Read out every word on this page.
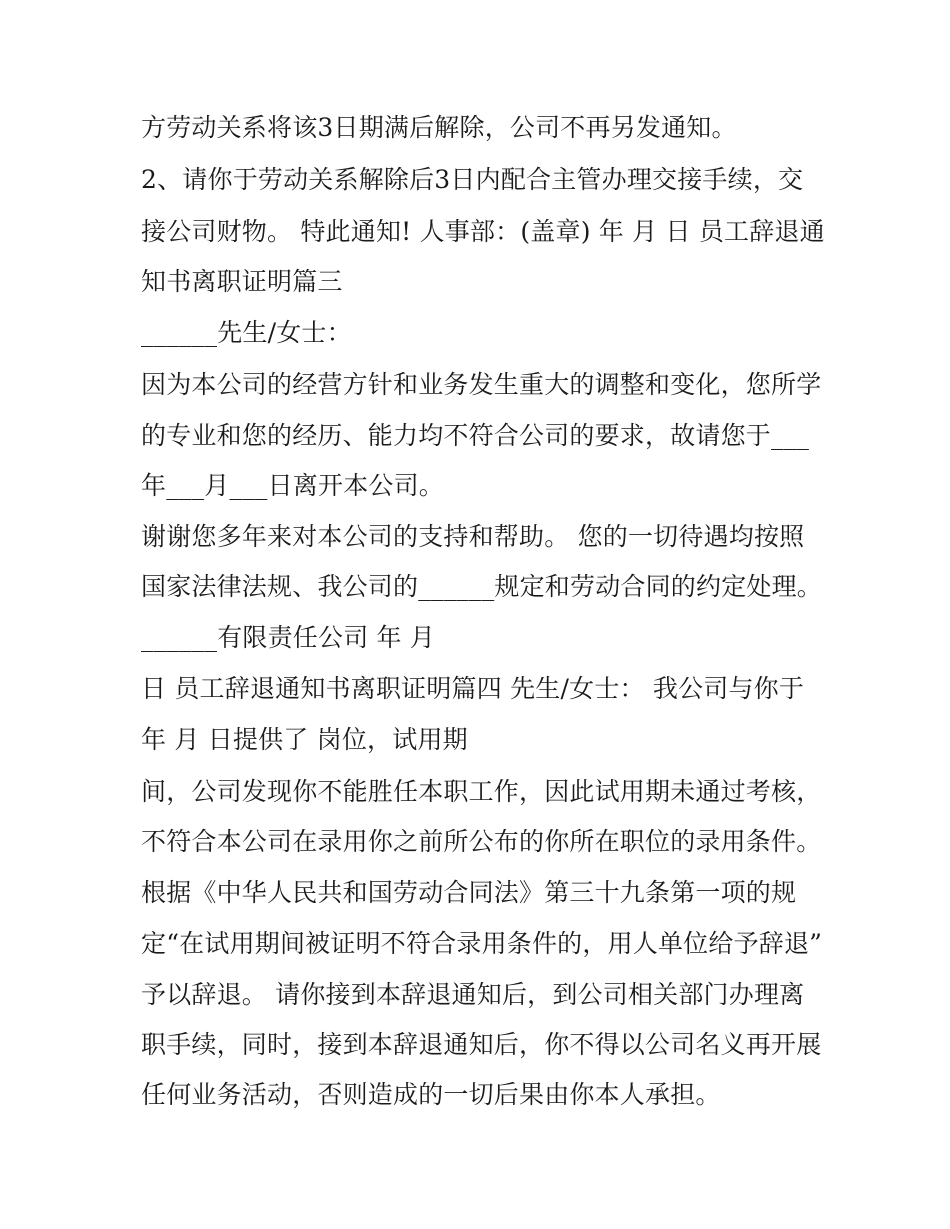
方劳动关系将该3日期满后解除，公司不再另发通知。
2、请你于劳动关系解除后3日内配合主管办理交接手续，交
接公司财物。 特此通知! 人事部：(盖章) 年 月 日 员工辞退通
知书离职证明篇三
______先生/女士：
因为本公司的经营方针和业务发生重大的调整和变化，您所学
的专业和您的经历、能力均不符合公司的要求，故请您于___
年___月___日离开本公司。
谢谢您多年来对本公司的支持和帮助。 您的一切待遇均按照
国家法律法规、我公司的______规定和劳动合同的约定处理。
______有限责任公司 年 月
日 员工辞退通知书离职证明篇四 先生/女士： 我公司与你于
年 月 日提供了 岗位，试用期
间，公司发现你不能胜任本职工作，因此试用期未通过考核，
不符合本公司在录用你之前所公布的你所在职位的录用条件。
根据《中华人民共和国劳动合同法》第三十九条第一项的规
定“在试用期间被证明不符合录用条件的，用人单位给予辞退”
予以辞退。 请你接到本辞退通知后，到公司相关部门办理离
职手续，同时，接到本辞退通知后，你不得以公司名义再开展
任何业务活动，否则造成的一切后果由你本人承担。
